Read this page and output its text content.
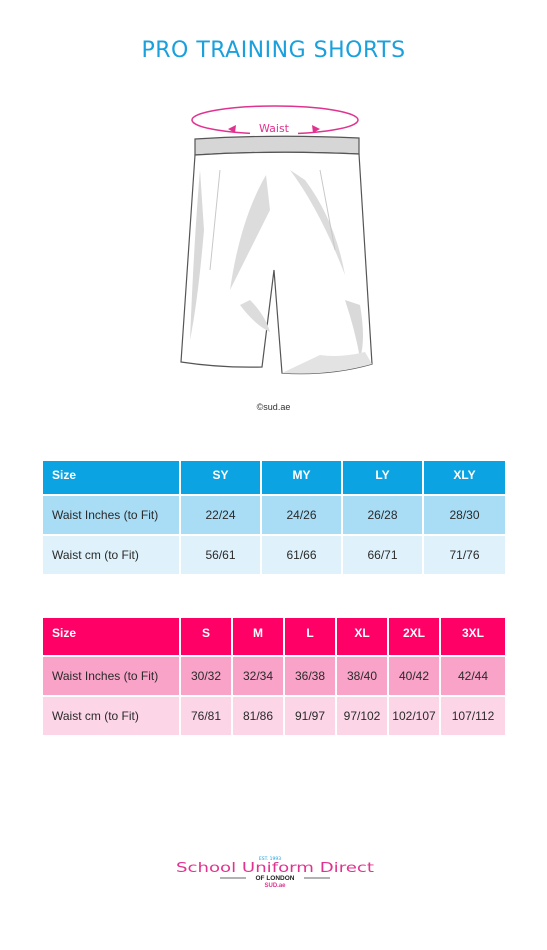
PRO TRAINING SHORTS
Waist
©sud.ae
Size	SY	MY	LY	XLY
Waist Inches (to Fit)	22/24	24/26	26/28	28/30
Waist cm (to Fit)	56/61	61/66	66/71	71/76
Size	S	M	L	XL	2XL	3XL
Waist Inches (to Fit)	30/32	32/34	36/38	38/40	40/42	42/44
Waist cm (to Fit)	76/81	81/86	91/97	97/102	102/107	107/112
EST. 1993
School Uniform Direct
OF LONDON
SUD.ae
